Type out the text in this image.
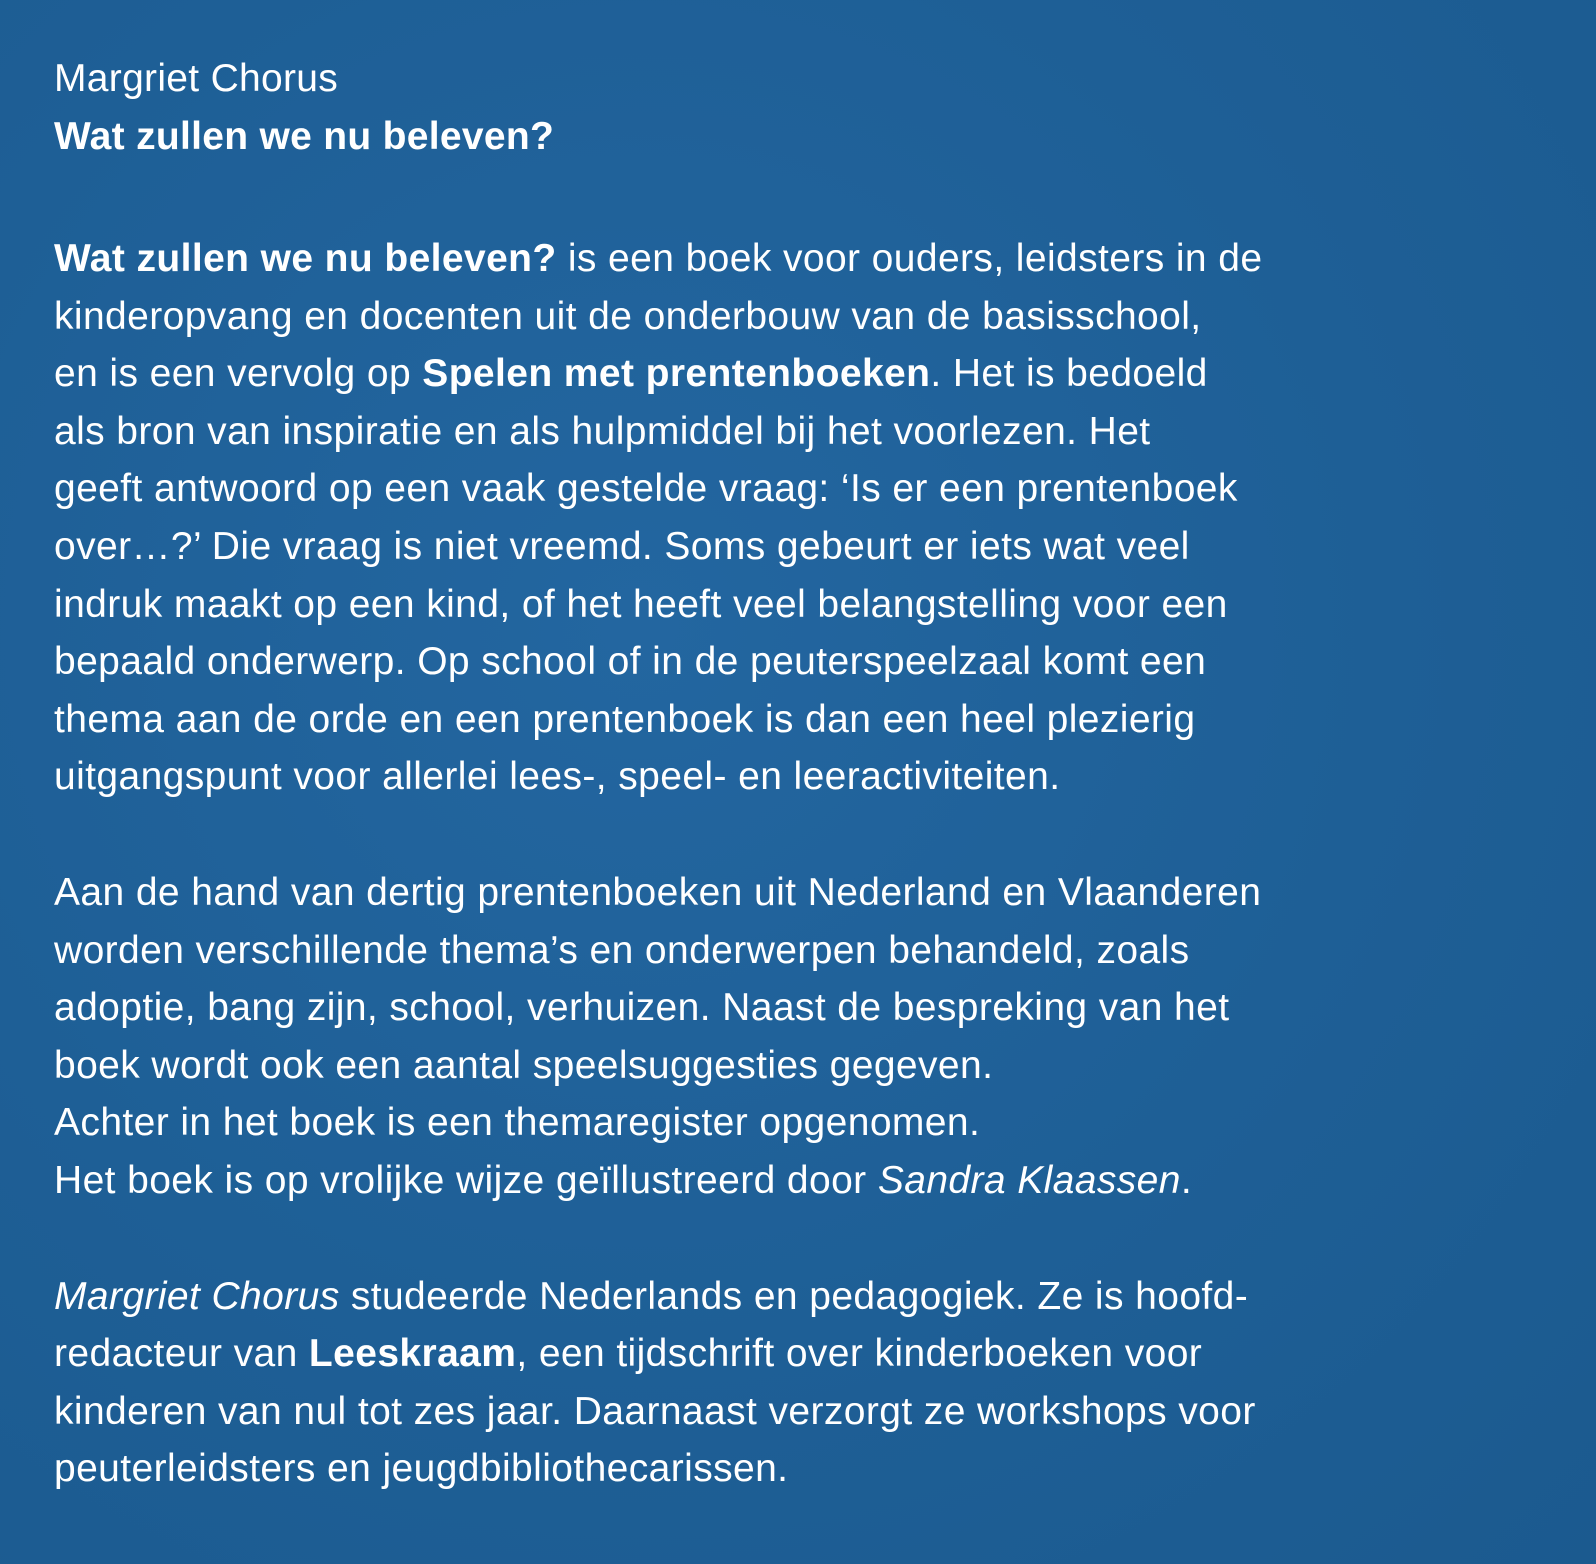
Margriet Chorus
Wat zullen we nu beleven?
Wat zullen we nu beleven? is een boek voor ouders, leidsters in de
kinderopvang en docenten uit de onderbouw van de basisschool,
en is een vervolg op Spelen met prentenboeken. Het is bedoeld
als bron van inspiratie en als hulpmiddel bij het voorlezen. Het
geeft antwoord op een vaak gestelde vraag: ‘Is er een prentenboek
over…?’ Die vraag is niet vreemd. Soms gebeurt er iets wat veel
indruk maakt op een kind, of het heeft veel belangstelling voor een
bepaald onderwerp. Op school of in de peuterspeelzaal komt een
thema aan de orde en een prentenboek is dan een heel plezierig
uitgangspunt voor allerlei lees-, speel- en leeractiviteiten.
Aan de hand van dertig prentenboeken uit Nederland en Vlaanderen
worden verschillende thema’s en onderwerpen behandeld, zoals
adoptie, bang zijn, school, verhuizen. Naast de bespreking van het
boek wordt ook een aantal speelsuggesties gegeven.
Achter in het boek is een themaregister opgenomen.
Het boek is op vrolijke wijze geïllustreerd door Sandra Klaassen.
Margriet Chorus studeerde Nederlands en pedagogiek. Ze is hoofd-
redacteur van Leeskraam, een tijdschrift over kinderboeken voor
kinderen van nul tot zes jaar. Daarnaast verzorgt ze workshops voor
peuterleidsters en jeugdbibliothecarissen.
